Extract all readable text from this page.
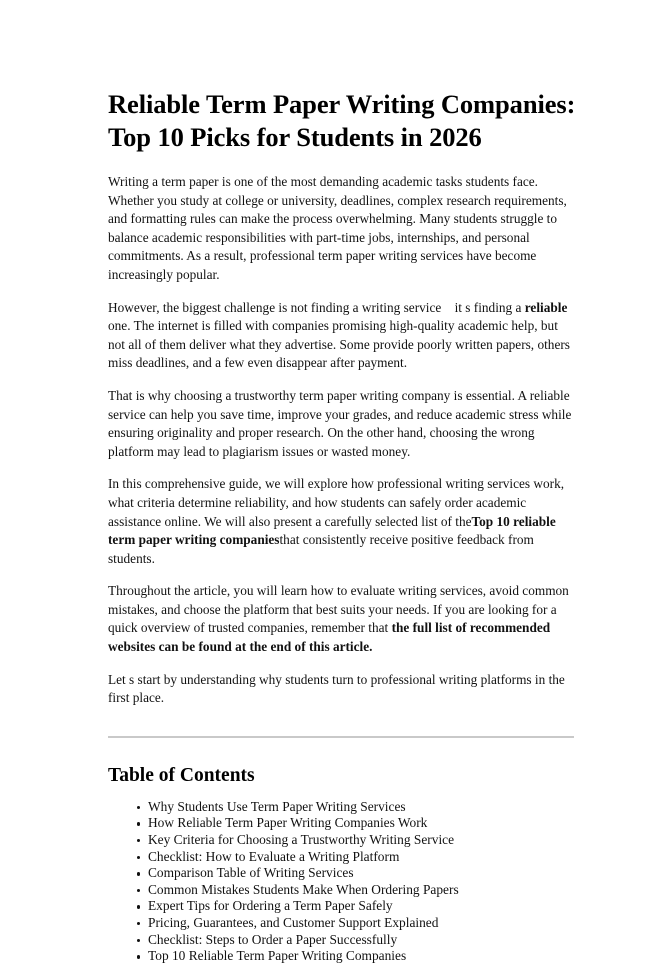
Reliable Term Paper Writing Companies: Top 10 Picks for Students in 2026

Writing a term paper is one of the most demanding academic tasks students face. Whether you study at college or university, deadlines, complex research requirements, and formatting rules can make the process overwhelming. Many students struggle to balance academic responsibilities with part-time jobs, internships, and personal commitments. As a result, professional term paper writing services have become increasingly popular.

However, the biggest challenge is not finding a writing service it s finding a reliable one. The internet is filled with companies promising high-quality academic help, but not all of them deliver what they advertise. Some provide poorly written papers, others miss deadlines, and a few even disappear after payment.

That is why choosing a trustworthy term paper writing company is essential. A reliable service can help you save time, improve your grades, and reduce academic stress while ensuring originality and proper research. On the other hand, choosing the wrong platform may lead to plagiarism issues or wasted money.

In this comprehensive guide, we will explore how professional writing services work, what criteria determine reliability, and how students can safely order academic assistance online. We will also present a carefully selected list of theTop 10 reliable term paper writing companiesthat consistently receive positive feedback from students.

Throughout the article, you will learn how to evaluate writing services, avoid common mistakes, and choose the platform that best suits your needs. If you are looking for a quick overview of trusted companies, remember that the full list of recommended websites can be found at the end of this article.

Let s start by understanding why students turn to professional writing platforms in the first place.

Table of Contents
Why Students Use Term Paper Writing Services
How Reliable Term Paper Writing Companies Work
Key Criteria for Choosing a Trustworthy Writing Service
Checklist: How to Evaluate a Writing Platform
Comparison Table of Writing Services
Common Mistakes Students Make When Ordering Papers
Expert Tips for Ordering a Term Paper Safely
Pricing, Guarantees, and Customer Support Explained
Checklist: Steps to Order a Paper Successfully
Top 10 Reliable Term Paper Writing Companies
